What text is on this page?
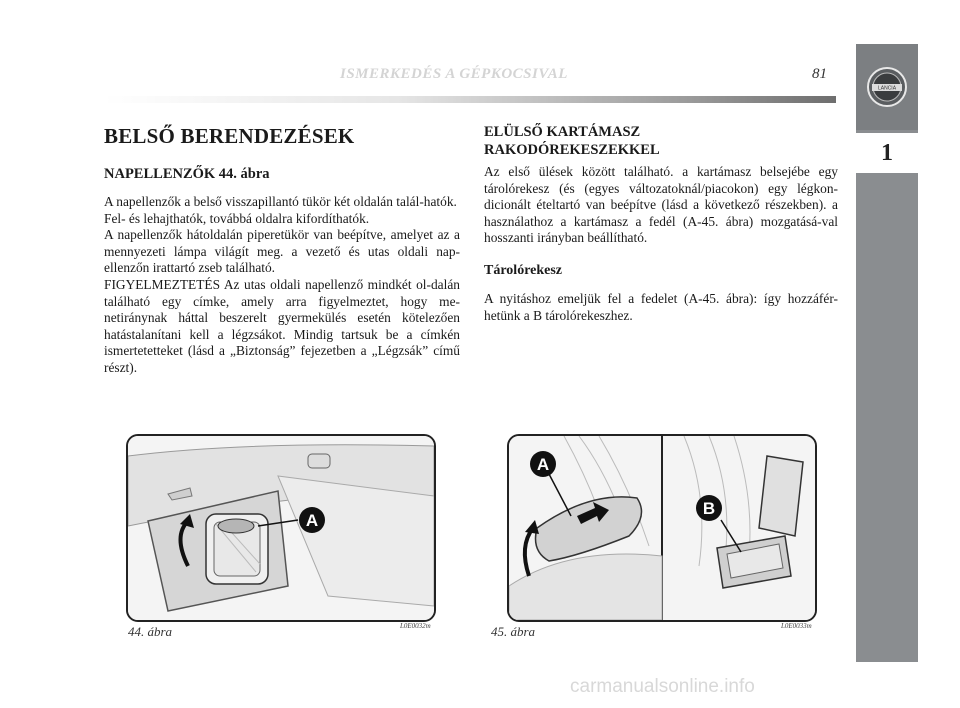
ISMERKEDÉS A GÉPKOCSIVAL	81
LANCIA
1
BELSŐ BERENDEZÉSEK
NAPELLENZŐK 44. ábra

A napellenzők a belső visszapillantó tükör két oldalán talál-hatók.

Fel- és lehajthatók, továbbá oldalra kifordíthatók.

A napellenzők hátoldalán piperetükör van beépítve, amelyet az a mennyezeti lámpa világít meg. a vezető és utas oldali nap-ellenzőn irattartó zseb található.

FIGYELMEZTETÉS Az utas oldali napellenző mindkét ol-dalán található egy címke, amely arra figyelmeztet, hogy me-netiránynak háttal beszerelt gyermekülés esetén kötelezően hatástalanítani kell a légzsákot. Mindig tartsuk be a címkén ismertetetteket (lásd a „Biztonság” fejezetben a „Légzsák” című részt).

ELÜLSŐ KARTÁMASZ
RAKODÓREKESZEKKEL

Az első ülések között található. a kartámasz belsejébe egy tárolórekesz (és (egyes változatoknál/piacokon) egy légkon-dicionált ételtartó van beépítve (lásd a következő részekben). a használathoz a kartámasz a fedél (A-45. ábra) mozgatásá-val hosszanti irányban beállítható.

Tárolórekesz

A nyitáshoz emeljük fel a fedelet (A-45. ábra): így hozzáfér-hetünk a B tárolórekeszhez.

A
44. ábra	L0E0032m
A
B
45. ábra	L0E0033m
carmanualsonline.info
